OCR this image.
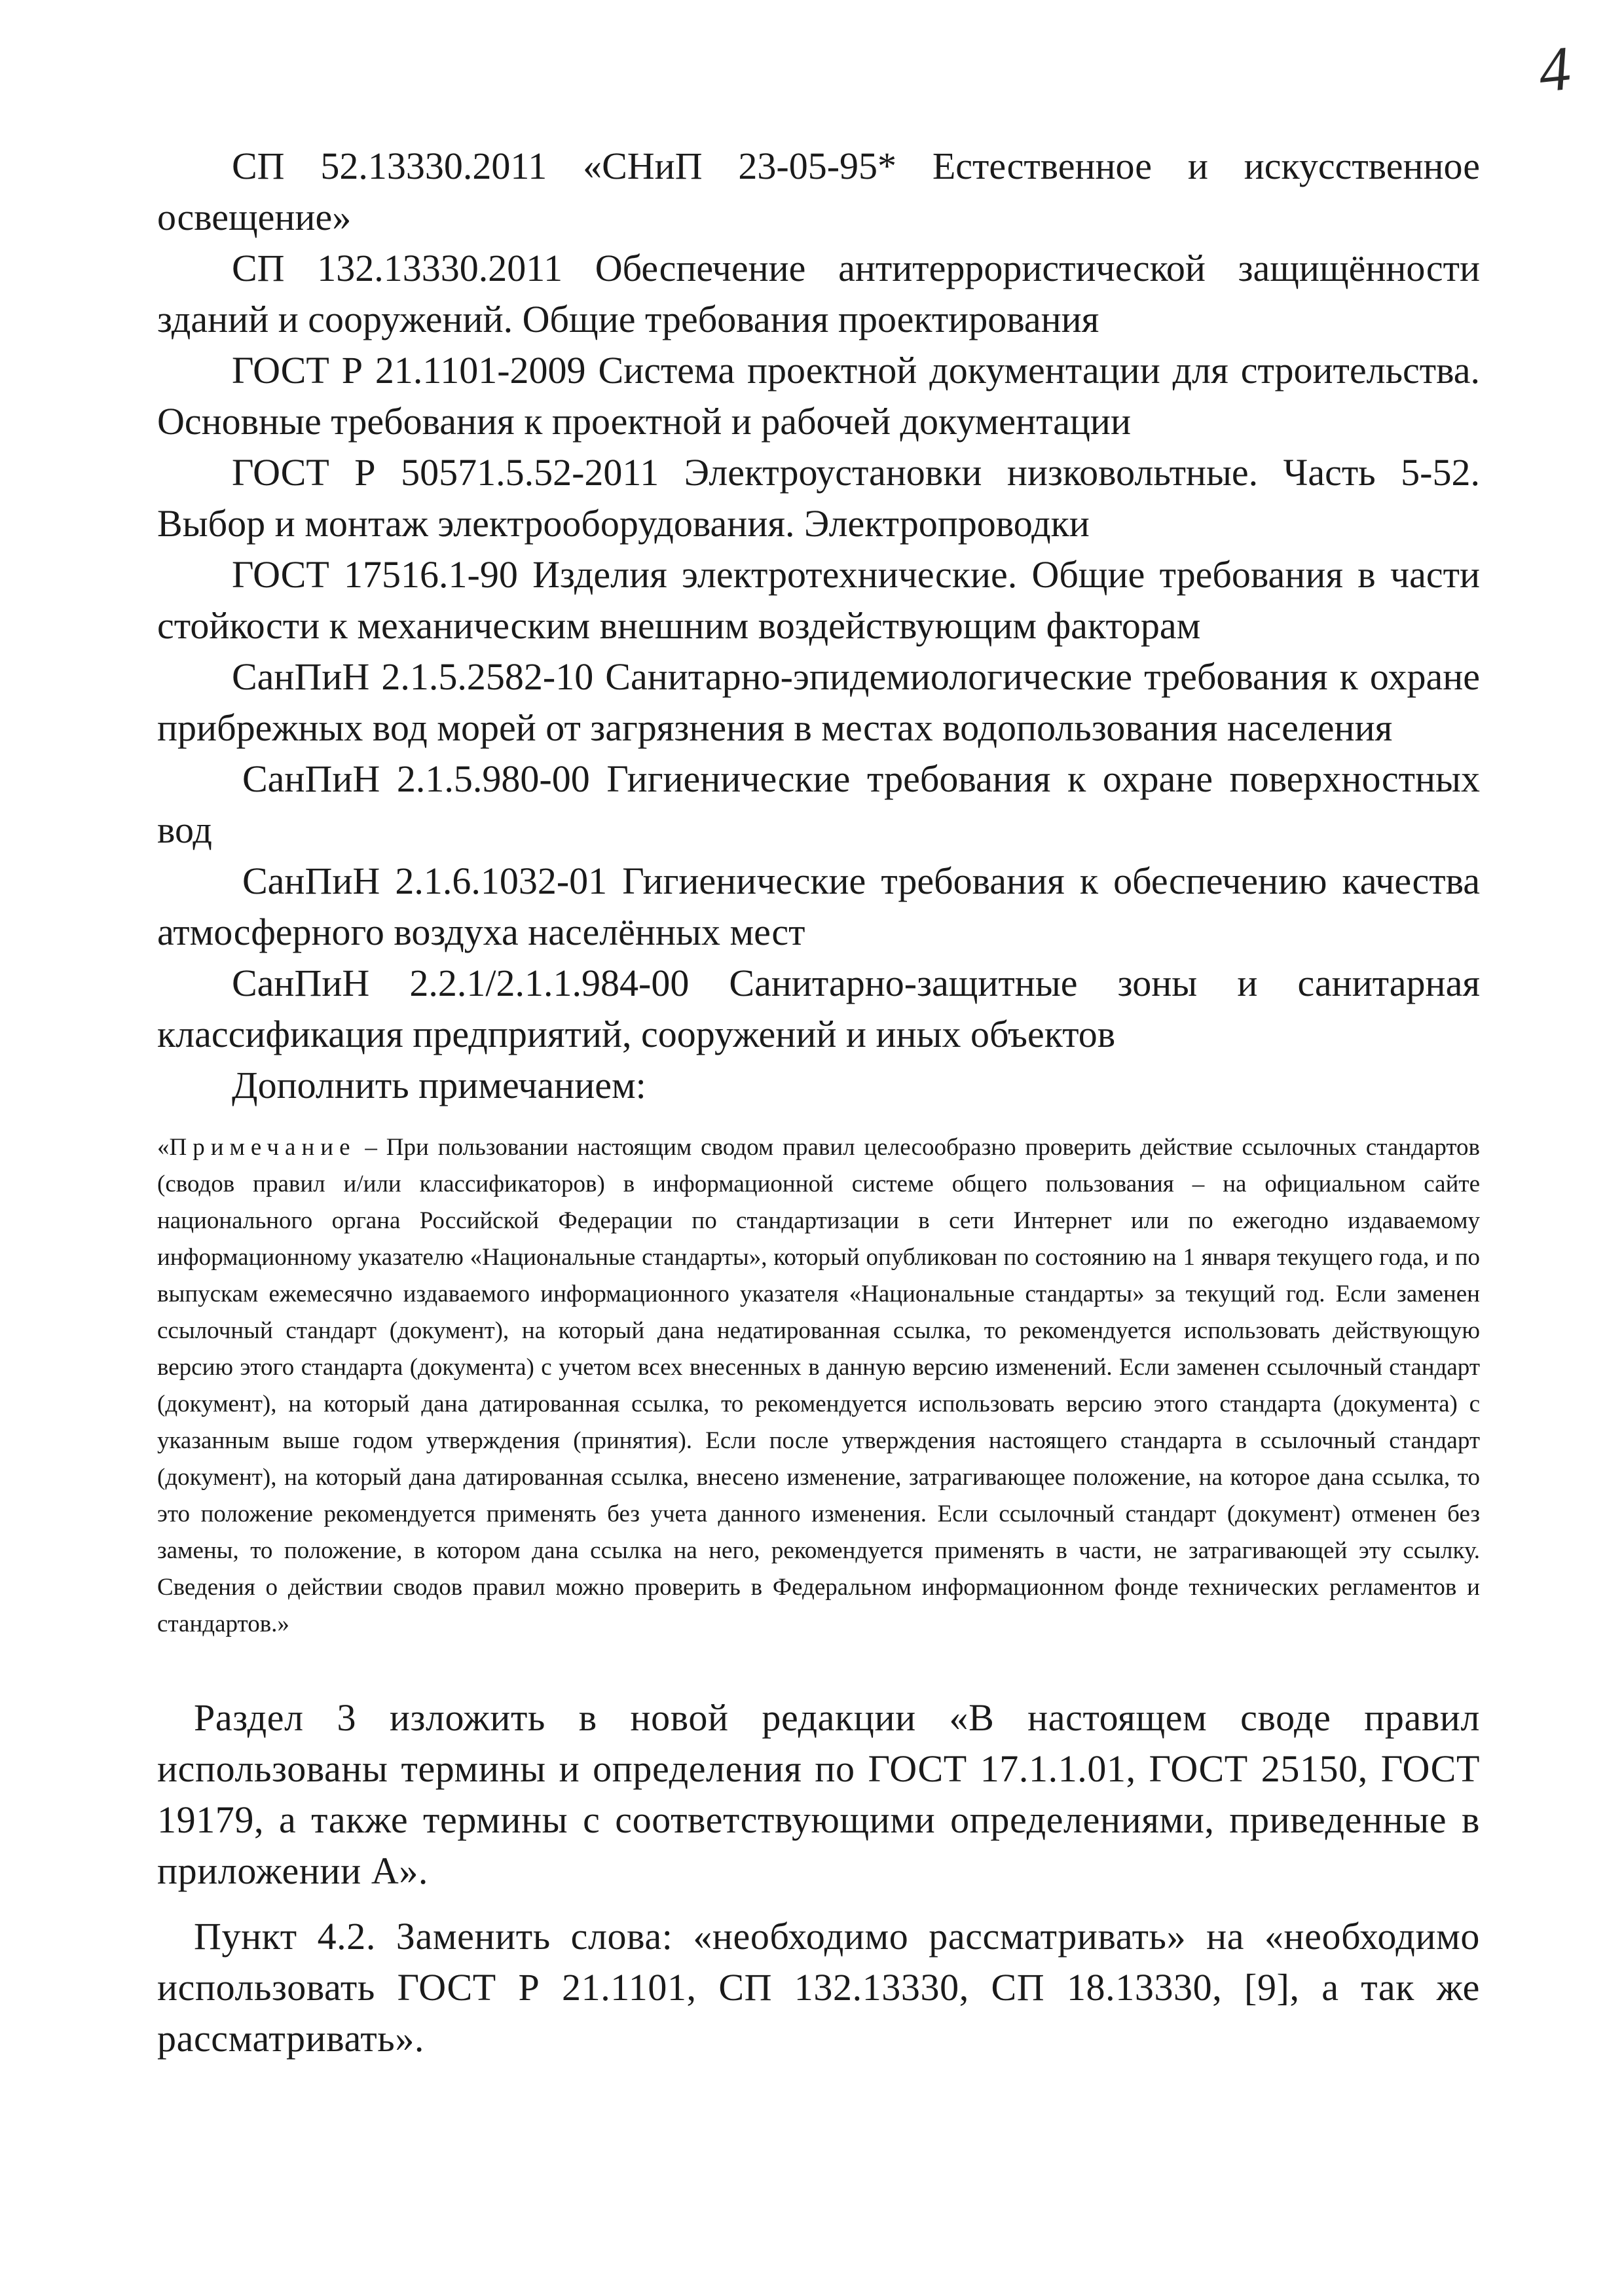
4

СП 52.13330.2011 «СНиП 23-05-95* Естественное и искусственное освещение»

СП 132.13330.2011 Обеспечение антитеррористической защищённости зданий и сооружений. Общие требования проектирования

ГОСТ Р 21.1101-2009 Система проектной документации для строительства. Основные требования к проектной и рабочей документации

ГОСТ Р 50571.5.52-2011 Электроустановки низковольтные. Часть 5-52. Выбор и монтаж электрооборудования. Электропроводки

ГОСТ 17516.1-90 Изделия электротехнические. Общие требования в части стойкости к механическим внешним воздействующим факторам

СанПиН 2.1.5.2582-10 Санитарно-эпидемиологические требования к охране прибрежных вод морей от загрязнения в местах водопользования населения

СанПиН 2.1.5.980-00 Гигиенические требования к охране поверхностных вод

СанПиН 2.1.6.1032-01 Гигиенические требования к обеспечению качества атмосферного воздуха населённых мест

СанПиН 2.2.1/2.1.1.984-00 Санитарно-защитные зоны и санитарная классификация предприятий, сооружений и иных объектов

Дополнить примечанием:

«Примечание – При пользовании настоящим сводом правил целесообразно проверить действие ссылочных стандартов (сводов правил и/или классификаторов) в информационной системе общего пользования – на официальном сайте национального органа Российской Федерации по стандартизации в сети Интернет или по ежегодно издаваемому информационному указателю «Национальные стандарты», который опубликован по состоянию на 1 января текущего года, и по выпускам ежемесячно издаваемого информационного указателя «Национальные стандарты» за текущий год. Если заменен ссылочный стандарт (документ), на который дана недатированная ссылка, то рекомендуется использовать действующую версию этого стандарта (документа) с учетом всех внесенных в данную версию изменений. Если заменен ссылочный стандарт (документ), на который дана датированная ссылка, то рекомендуется использовать версию этого стандарта (документа) с указанным выше годом утверждения (принятия). Если после утверждения настоящего стандарта в ссылочный стандарт (документ), на который дана датированная ссылка, внесено изменение, затрагивающее положение, на которое дана ссылка, то это положение рекомендуется применять без учета данного изменения. Если ссылочный стандарт (документ) отменен без замены, то положение, в котором дана ссылка на него, рекомендуется применять в части, не затрагивающей эту ссылку. Сведения о действии сводов правил можно проверить в Федеральном информационном фонде технических регламентов и стандартов.»

Раздел 3 изложить в новой редакции «В настоящем своде правил использованы термины и определения по ГОСТ 17.1.1.01, ГОСТ 25150, ГОСТ 19179, а также термины с соответствующими определениями, приведенные в приложении А».

Пункт 4.2. Заменить слова: «необходимо рассматривать» на «необходимо использовать ГОСТ Р 21.1101, СП 132.13330, СП 18.13330, [9], а так же рассматривать».
